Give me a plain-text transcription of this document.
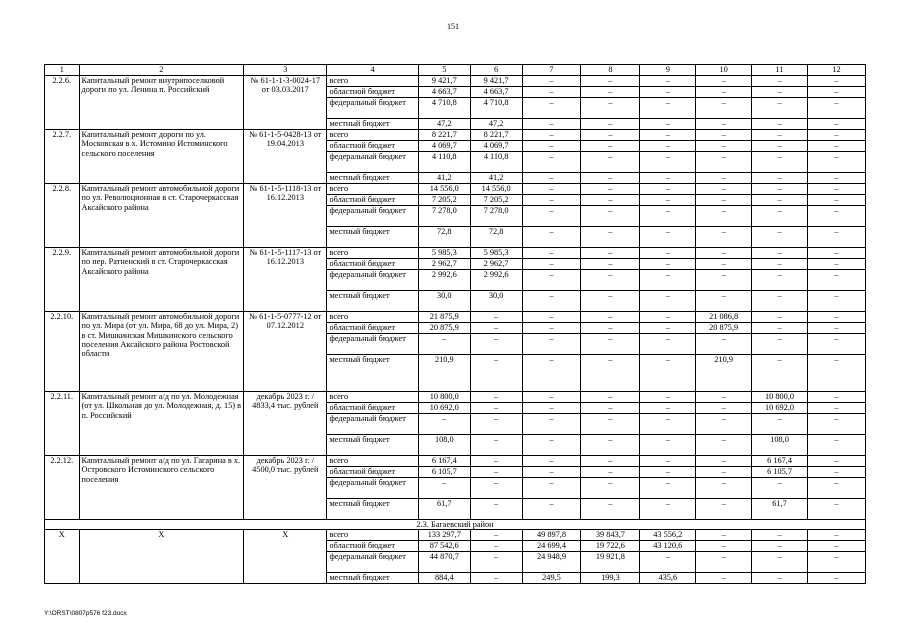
151
1	2	3	4	5	6	7	8	9	10	11	12
2.2.6.	Капитальный ремонт внутрипоселковой дороги по ул. Ленина п. Российский	№ 61-1-1-3-0024-17 от 03.03.2017	всего	9 421,7	9 421,7	–	–	–	–	–	–
			областной бюджет	4 663,7	4 663,7	–	–	–	–	–	–
			федеральный бюджет	4 710,8	4 710,8	–	–	–	–	–	–
			местный бюджет	47,2	47,2	–	–	–	–	–	–
2.2.7.	Капитальный ремонт дороги по ул. Московская в х. Истомино Истоминского сельского поселения	№ 61-1-5-0428-13 от 19.04.2013	всего	8 221,7	8 221,7	–	–	–	–	–	–
			областной бюджет	4 069,7	4 069,7	–	–	–	–	–	–
			федеральный бюджет	4 110,8	4 110,8	–	–	–	–	–	–
			местный бюджет	41,2	41,2	–	–	–	–	–	–
2.2.8.	Капитальный ремонт автомобильной дороги по ул. Революционная в ст. Старочеркасская Аксайского района	№ 61-1-5-1118-13 от 16.12.2013	всего	14 556,0	14 556,0	–	–	–	–	–	–
			областной бюджет	7 205,2	7 205,2	–	–	–	–	–	–
			федеральный бюджет	7 278,0	7 278,0	–	–	–	–	–	–
			местный бюджет	72,8	72,8	–	–	–	–	–	–
2.2.9.	Капитальный ремонт автомобильной дороги по пер. Ратненский в ст. Старочеркасская Аксайского района	№ 61-1-5-1117-13 от 16.12.2013	всего	5 985,3	5 985,3	–	–	–	–	–	–
			областной бюджет	2 962,7	2 962,7	–	–	–	–	–	–
			федеральный бюджет	2 992,6	2 992,6	–	–	–	–	–	–
			местный бюджет	30,0	30,0	–	–	–	–	–	–
2.2.10.	Капитальный ремонт автомобильной дороги по ул. Мира (от ул. Мира, 68 до ул. Мира, 2) в ст. Мишкинская Мишкинского сельского поселения Аксайского района Ростовской области	№ 61-1-5-0777-12 от 07.12.2012	всего	21 875,9	–	–	–	–	21 086,8	–	–
			областной бюджет	20 875,9	–	–	–	–	20 875,9	–	–
			федеральный бюджет	–	–	–	–	–	–	–	–
			местный бюджет	210,9	–	–	–	–	210,9	–	–
2.2.11.	Капитальный ремонт а/д по ул. Молодежная (от ул. Школьная до ул. Молодежная, д. 15) в п. Российский	декабрь 2023 г. / 4833,4 тыс. рублей	всего	10 800,0	–	–	–	–	–	10 800,0	–
			областной бюджет	10 692,0	–	–	–	–	–	10 692,0	–
			федеральный бюджет	–	–	–	–	–	–	–	–
			местный бюджет	108,0	–	–	–	–	–	108,0	–
2.2.12.	Капитальный ремонт а/д по ул. Гагарина в х. Островского Истоминского сельского поселения	декабрь 2023 г. / 4500,0 тыс. рублей	всего	6 167,4	–	–	–	–	–	6 167,4	–
			областной бюджет	6 105,7	–	–	–	–	–	6 105,7	–
			федеральный бюджет	–	–	–	–	–	–	–	–
			местный бюджет	61,7	–	–	–	–	–	61,7	–
2.3. Багаевский район											
Х	Х	Х	всего	133 297,7	–	49 897,8	39 843,7	43 556,2	–	–	–
			областной бюджет	87 542,6	–	24 699,4	19 722,6	43 120,6	–	–	–
			федеральный бюджет	44 870,7	–	24 948,9	19 921,8	–	–	–	–
			местный бюджет	884,4	–	249,5	199,3	435,6	–	–	–
Y:\ORST\0807p576 f23.docx
